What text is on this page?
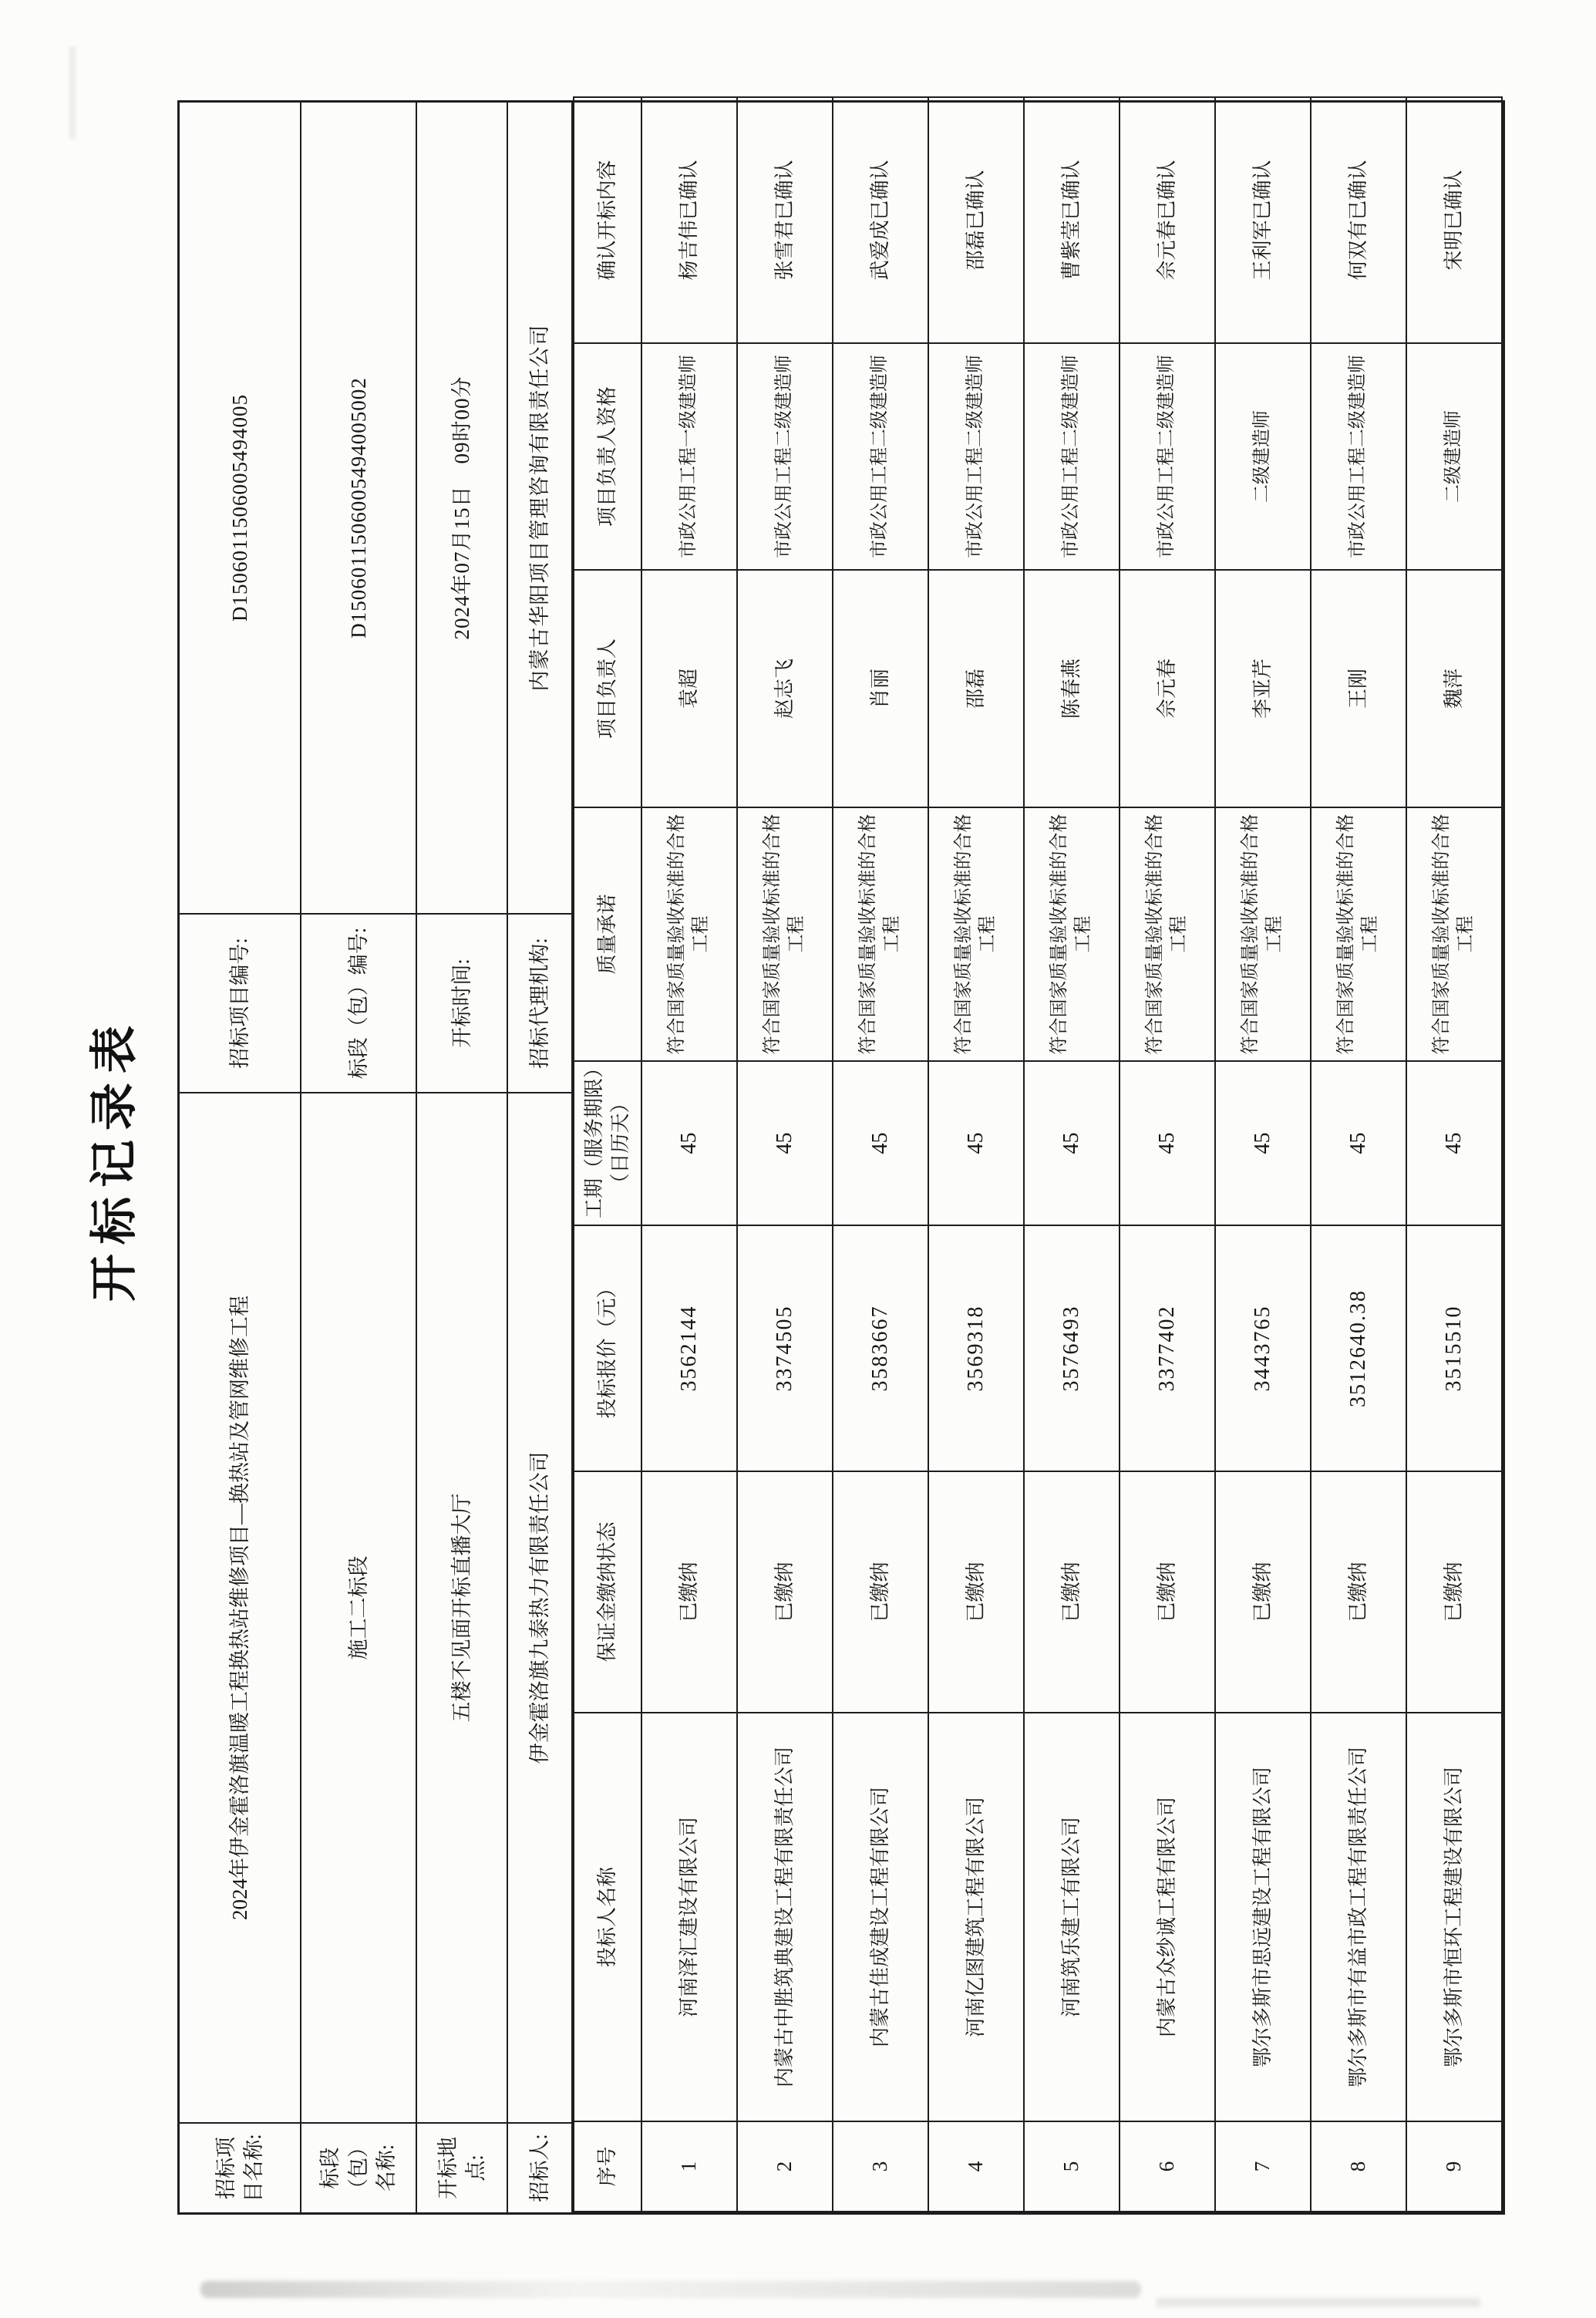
开标记录表
招标项目名称:
2024年伊金霍洛旗温暖工程换热站维修项目—换热站及管网维修工程
招标项目编号:
D1506011506005494005
标段（包）名称:
施工二标段
标段（包）编号:
D1506011506005494005002
开标地点:
五楼不见面开标直播大厅
开标时间:
2024年07月15日　09时00分
招标人:
伊金霍洛旗九泰热力有限责任公司
招标代理机构:
内蒙古华阳项目管理咨询有限责任公司
序号	投标人名称	保证金缴纳状态	投标报价（元）	工期（服务期限）（日历天）	质量承诺	项目负责人	项目负责人资格	确认开标内容
1	河南泽汇建设有限公司	已缴纳	3562144	45	符合国家质量验收标准的合格工程	袁超	市政公用工程一级建造师	杨吉伟已确认
2	内蒙古中胜筑典建设工程有限责任公司	已缴纳	3374505	45	符合国家质量验收标准的合格工程	赵志飞	市政公用工程二级建造师	张雪君已确认
3	内蒙古佳成建设工程有限公司	已缴纳	3583667	45	符合国家质量验收标准的合格工程	肖丽	市政公用工程二级建造师	武爱成已确认
4	河南亿图建筑工程有限公司	已缴纳	3569318	45	符合国家质量验收标准的合格工程	邵磊	市政公用工程二级建造师	邵磊已确认
5	河南筑乐建工有限公司	已缴纳	3576493	45	符合国家质量验收标准的合格工程	陈春燕	市政公用工程二级建造师	曹紫莹已确认
6	内蒙古众纱诚工程有限公司	已缴纳	3377402	45	符合国家质量验收标准的合格工程	佘元春	市政公用工程二级建造师	佘元春已确认
7	鄂尔多斯市思远建设工程有限公司	已缴纳	3443765	45	符合国家质量验收标准的合格工程	李亚芹	二级建造师	王利军已确认
8	鄂尔多斯市有益市政工程有限责任公司	已缴纳	3512640.38	45	符合国家质量验收标准的合格工程	王刚	市政公用工程二级建造师	何双有已确认
9	鄂尔多斯市恒环工程建设有限公司	已缴纳	3515510	45	符合国家质量验收标准的合格工程	魏萍	二级建造师	宋明已确认
